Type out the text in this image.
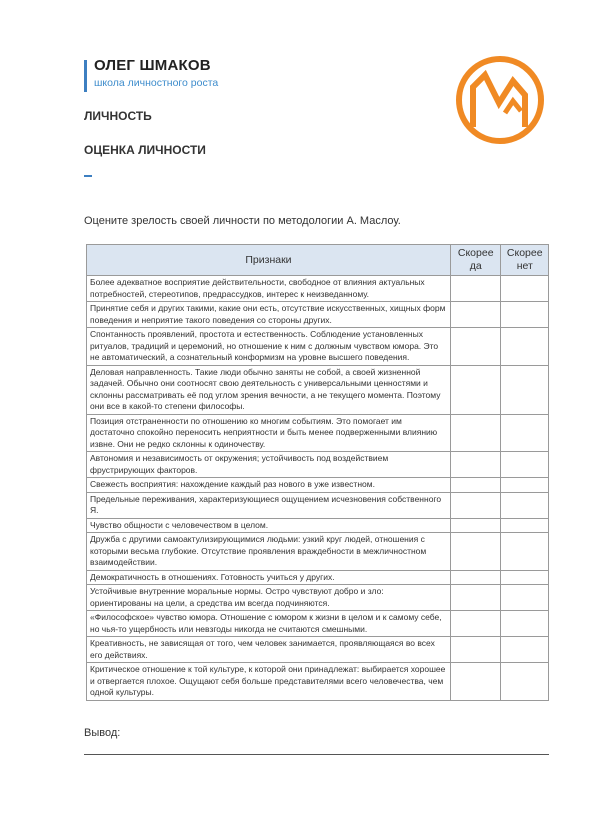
ОЛЕГ ШМАКОВ
школа личностного роста
ЛИЧНОСТЬ
ОЦЕНКА ЛИЧНОСТИ
Оцените зрелость своей личности по методологии А. Маслоу.
Признаки	Скорее да	Скорее нет
Более адекватное восприятие действительности, свободное от влияния актуальных потребностей, стереотипов, предрассудков, интерес к неизведанному.		
Принятие себя и других такими, какие они есть, отсутствие искусственных, хищных форм поведения и неприятие такого поведения со стороны других.		
Спонтанность проявлений, простота и естественность. Соблюдение установленных ритуалов, традиций и церемоний, но отношение к ним с должным чувством юмора. Это не автоматический, а сознательный конформизм на уровне высшего поведения.		
Деловая направленность. Такие люди обычно заняты не собой, а своей жизненной задачей. Обычно они соотносят свою деятельность с универсальными ценностями и склонны рассматривать её под углом зрения вечности, а не текущего момента. Поэтому они все в какой-то степени философы.		
Позиция отстраненности по отношению ко многим событиям. Это помогает им достаточно спокойно переносить неприятности и быть менее подверженными влиянию извне. Они не редко склонны к одиночеству.		
Автономия и независимость от окружения; устойчивость под воздействием фрустрирующих факторов.		
Свежесть восприятия: нахождение каждый раз нового в уже известном.		
Предельные переживания, характеризующиеся ощущением исчезновения собственного Я.		
Чувство общности с человечеством в целом.		
Дружба с другими самоактулизирующимися людьми: узкий круг людей, отношения с которыми весьма глубокие. Отсутствие проявления враждебности в межличностном взаимодействии.		
Демократичность в отношениях. Готовность учиться у других.		
Устойчивые внутренние моральные нормы. Остро чувствуют добро и зло: ориентированы на цели, а средства им всегда подчиняются.		
«Философское» чувство юмора. Отношение с юмором к жизни в целом и к самому себе, но чья-то ущербность или невзгоды никогда не считаются смешными.		
Креативность, не зависящая от того, чем человек занимается, проявляющаяся во всех его действиях.		
Критическое отношение к той культуре, к которой они принадлежат: выбирается хорошее и отвергается плохое. Ощущают себя больше представителями всего человечества, чем одной культуры.		
Вывод:
